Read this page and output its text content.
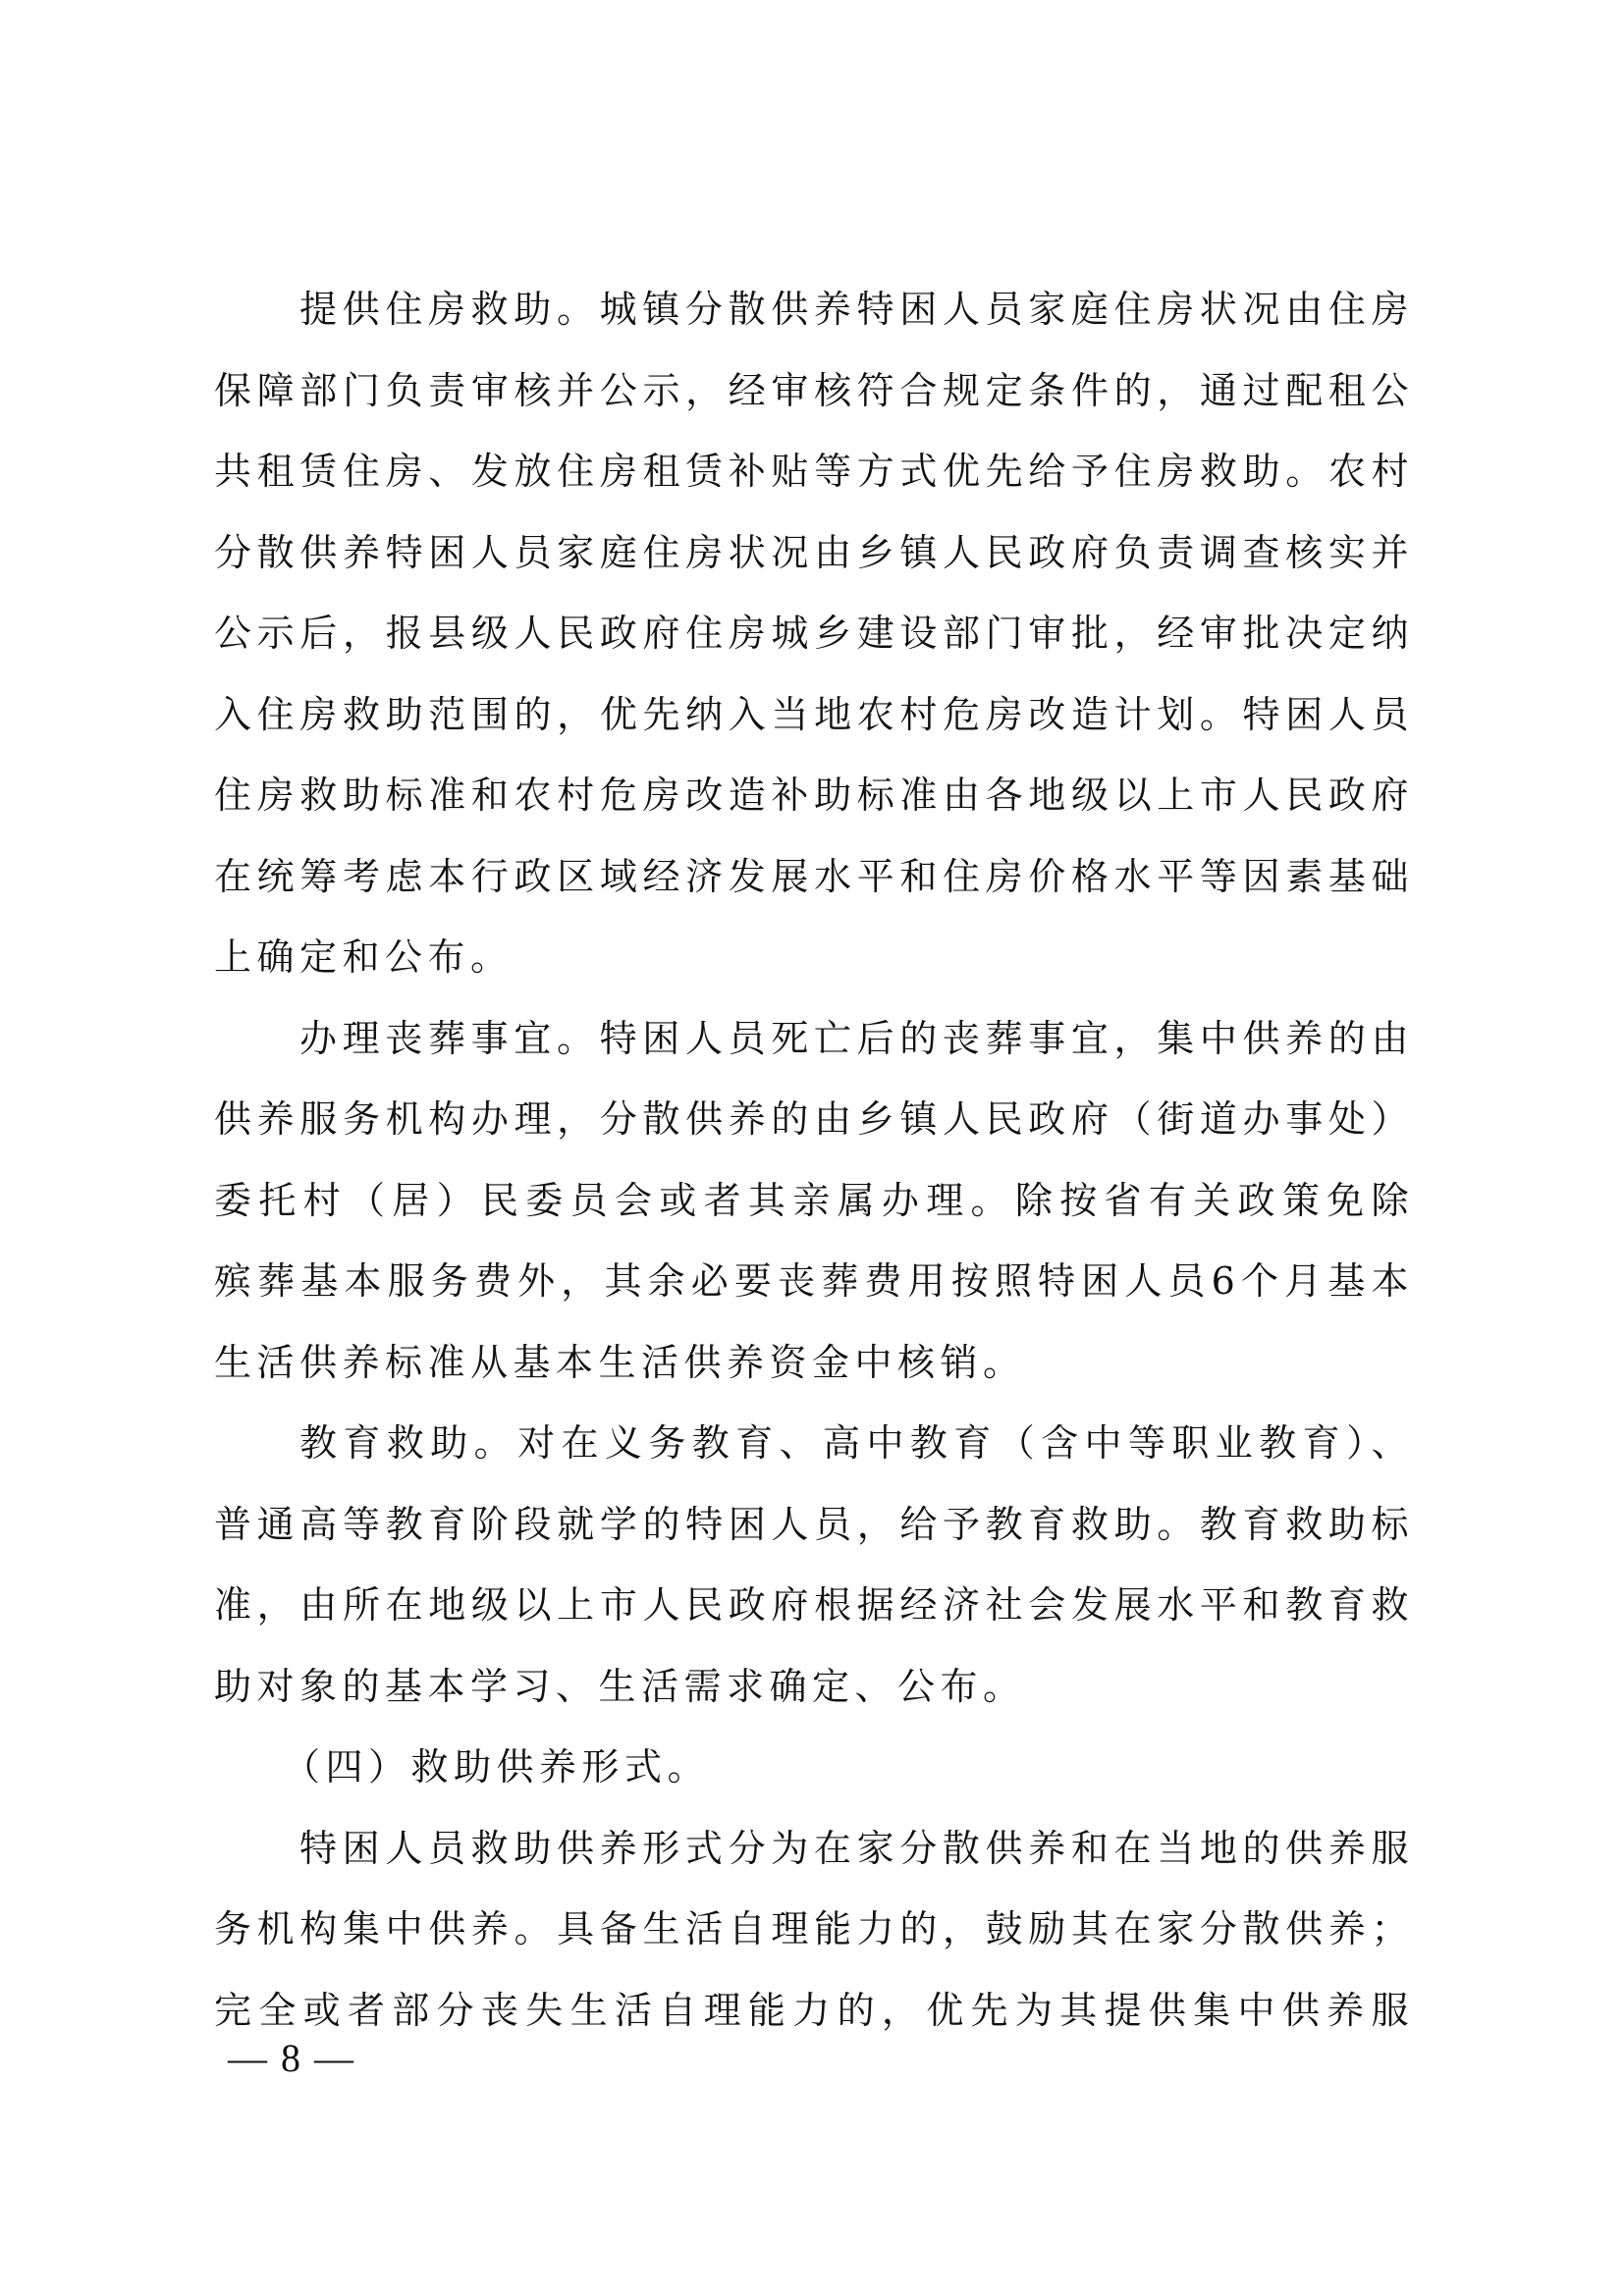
提供住房救助。城镇分散供养特困人员家庭住房状况由住房
保障部门负责审核并公示，经审核符合规定条件的，通过配租公
共租赁住房、发放住房租赁补贴等方式优先给予住房救助。农村
分散供养特困人员家庭住房状况由乡镇人民政府负责调查核实并
公示后，报县级人民政府住房城乡建设部门审批，经审批决定纳
入住房救助范围的，优先纳入当地农村危房改造计划。特困人员
住房救助标准和农村危房改造补助标准由各地级以上市人民政府
在统筹考虑本行政区域经济发展水平和住房价格水平等因素基础
上确定和公布。
办理丧葬事宜。特困人员死亡后的丧葬事宜，集中供养的由
供养服务机构办理，分散供养的由乡镇人民政府（街道办事处）
委托村（居）民委员会或者其亲属办理。除按省有关政策免除
殡葬基本服务费外，其余必要丧葬费用按照特困人员6个月基本
生活供养标准从基本生活供养资金中核销。
教育救助。对在义务教育、高中教育（含中等职业教育）、
普通高等教育阶段就学的特困人员，给予教育救助。教育救助标
准，由所在地级以上市人民政府根据经济社会发展水平和教育救
助对象的基本学习、生活需求确定、公布。
（四）救助供养形式。
特困人员救助供养形式分为在家分散供养和在当地的供养服
务机构集中供养。具备生活自理能力的，鼓励其在家分散供养；
完全或者部分丧失生活自理能力的，优先为其提供集中供养服
— 8 —
